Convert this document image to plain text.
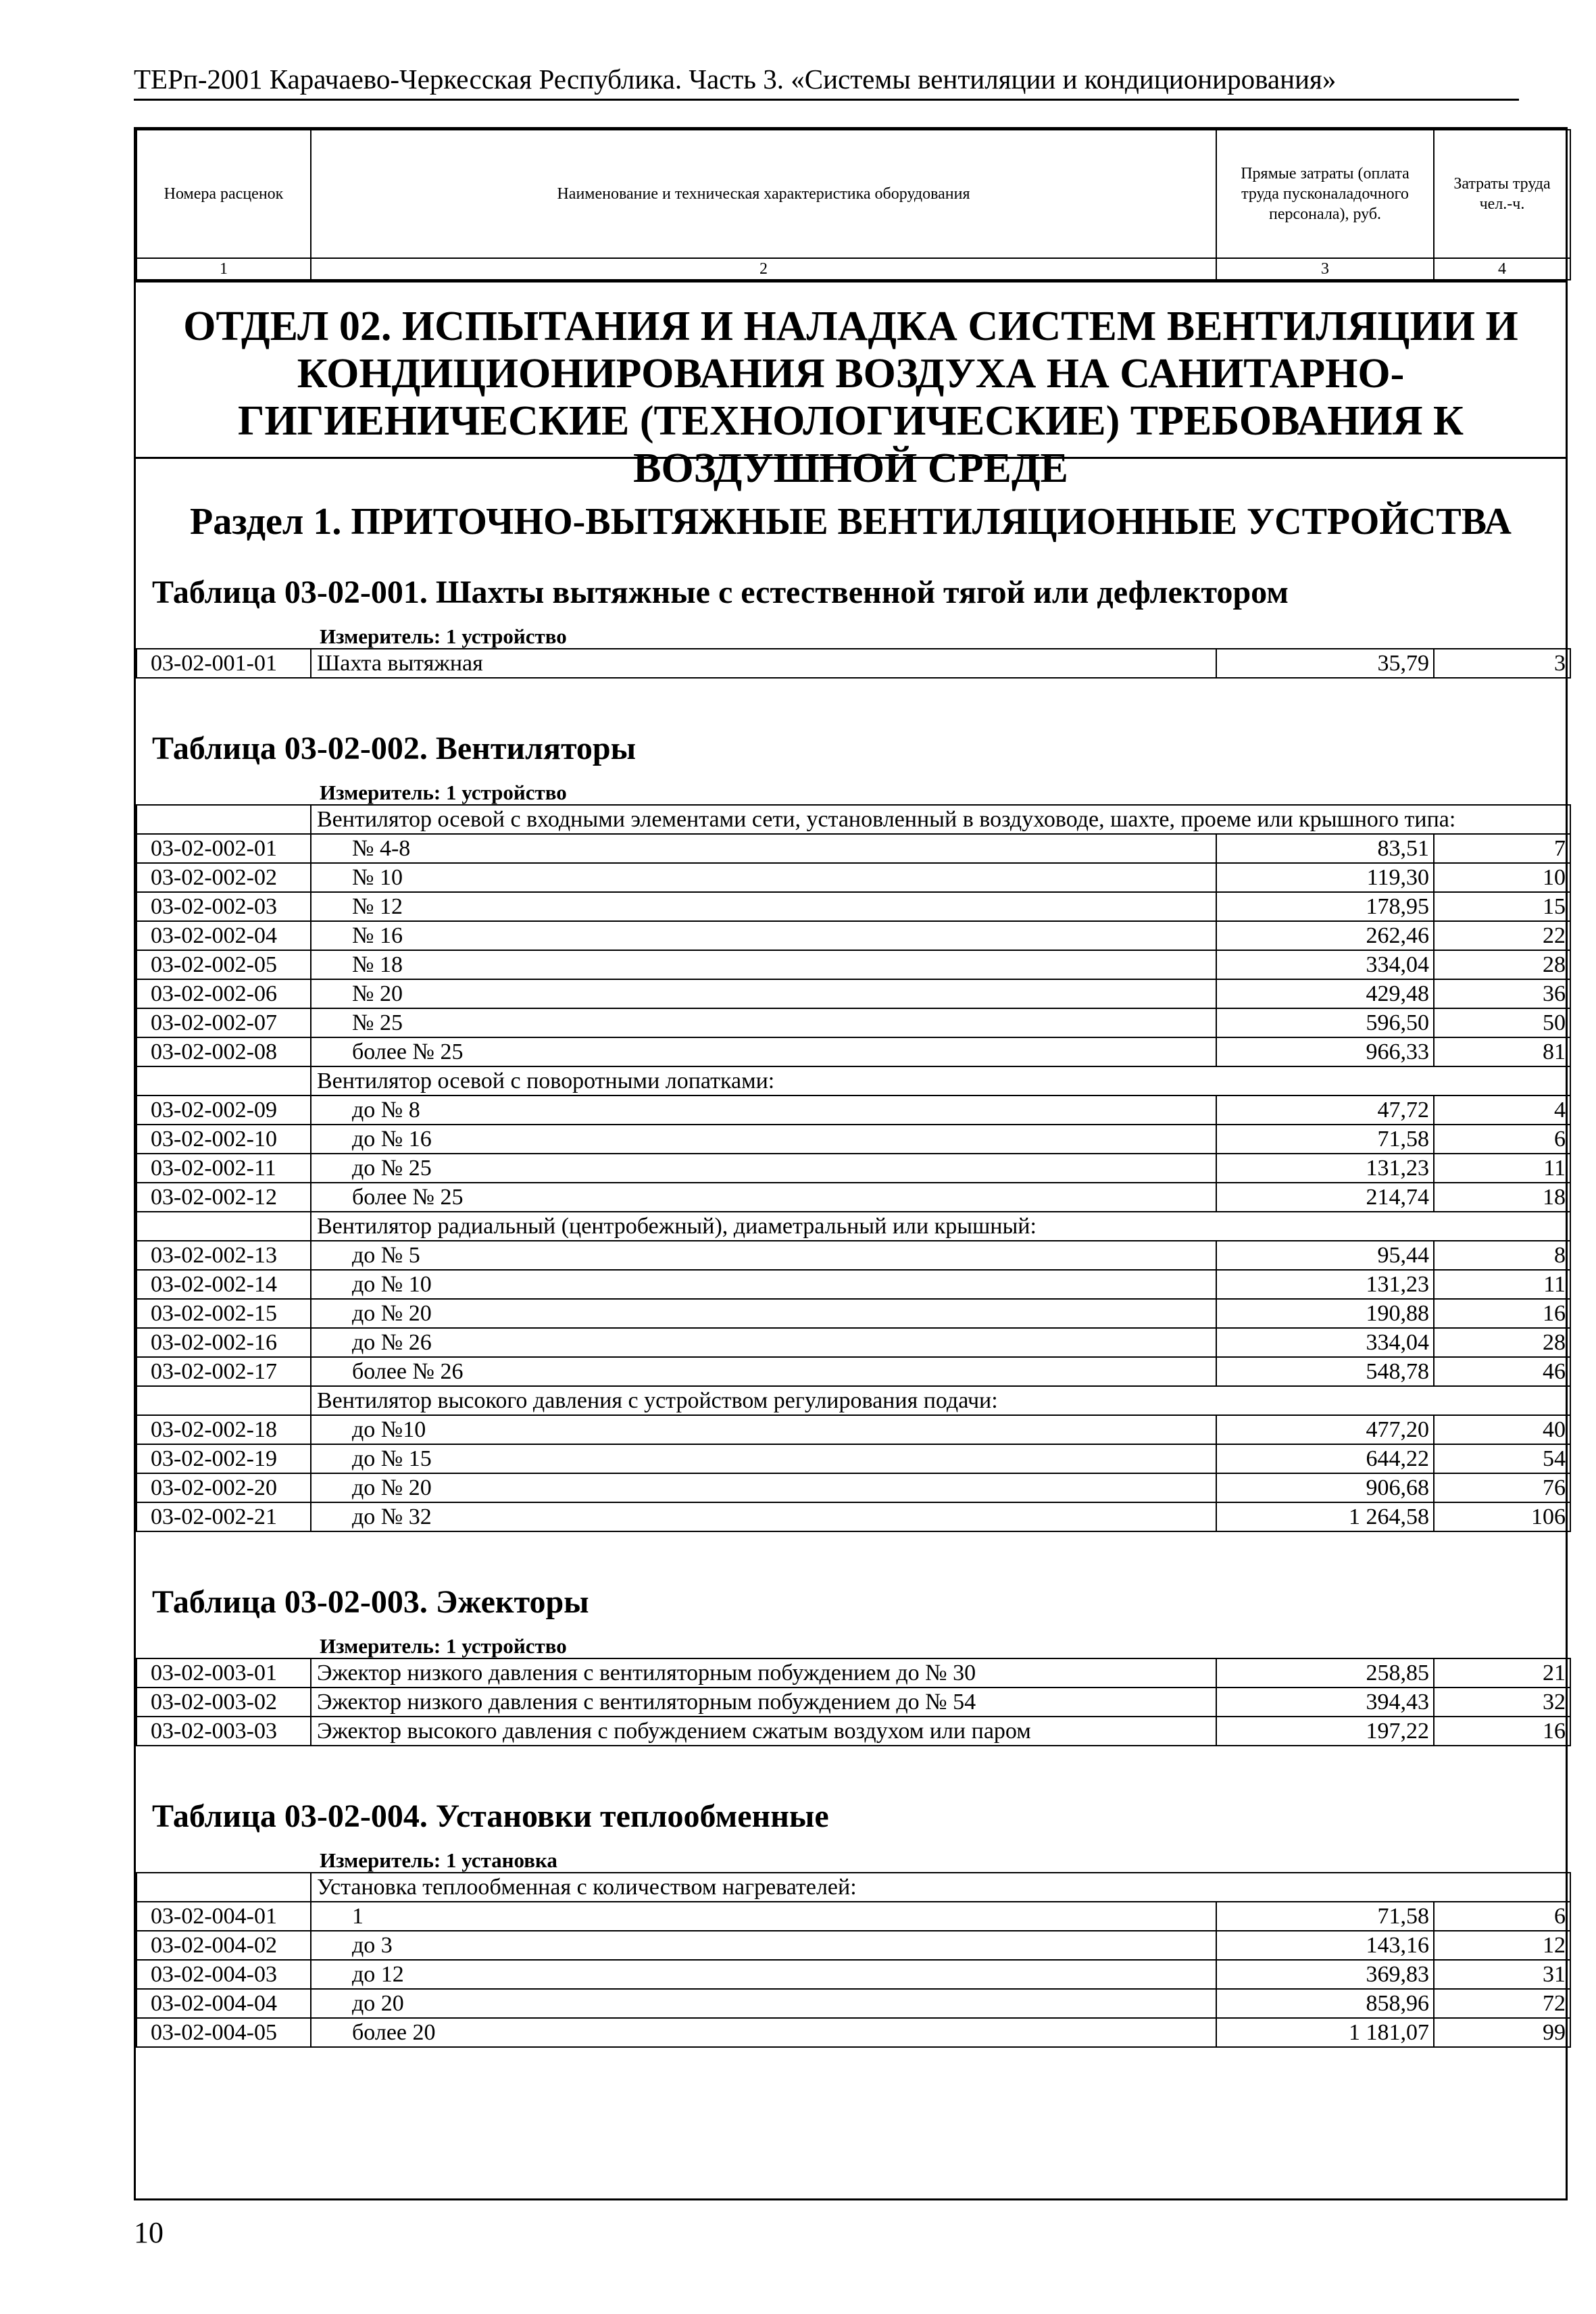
ТЕРп-2001 Карачаево-Черкесская Республика. Часть 3. «Системы вентиляции и кондиционирования»
Номера расценок	Наименование и техническая характеристика оборудования	Прямые затраты (оплата труда пусконаладочного персонала), руб.	Затраты труда чел.-ч.
1	2	3	4
ОТДЕЛ 02. ИСПЫТАНИЯ И НАЛАДКА СИСТЕМ ВЕНТИЛЯЦИИ И КОНДИЦИОНИРОВАНИЯ ВОЗДУХА НА САНИТАРНО-ГИГИЕНИЧЕСКИЕ (ТЕХНОЛОГИЧЕСКИЕ) ТРЕБОВАНИЯ К ВОЗДУШНОЙ СРЕДЕ
Раздел 1. ПРИТОЧНО-ВЫТЯЖНЫЕ ВЕНТИЛЯЦИОННЫЕ УСТРОЙСТВА
Таблица 03-02-001. Шахты вытяжные с естественной тягой или дефлектором
Измеритель: 1 устройство
03-02-001-01	Шахта вытяжная	35,79	3
Таблица 03-02-002. Вентиляторы
Измеритель: 1 устройство
	Вентилятор осевой с входными элементами сети, установленный в воздуховоде, шахте, проеме или крышного типа:		
03-02-002-01	№ 4-8	83,51	7
03-02-002-02	№ 10	119,30	10
03-02-002-03	№ 12	178,95	15
03-02-002-04	№ 16	262,46	22
03-02-002-05	№ 18	334,04	28
03-02-002-06	№ 20	429,48	36
03-02-002-07	№ 25	596,50	50
03-02-002-08	более № 25	966,33	81
	Вентилятор осевой с поворотными лопатками:		
03-02-002-09	до № 8	47,72	4
03-02-002-10	до № 16	71,58	6
03-02-002-11	до № 25	131,23	11
03-02-002-12	более № 25	214,74	18
	Вентилятор радиальный (центробежный), диаметральный или крышный:		
03-02-002-13	до № 5	95,44	8
03-02-002-14	до № 10	131,23	11
03-02-002-15	до № 20	190,88	16
03-02-002-16	до № 26	334,04	28
03-02-002-17	более № 26	548,78	46
	Вентилятор высокого давления с устройством регулирования подачи:		
03-02-002-18	до №10	477,20	40
03-02-002-19	до № 15	644,22	54
03-02-002-20	до № 20	906,68	76
03-02-002-21	до № 32	1 264,58	106
Таблица 03-02-003. Эжекторы
Измеритель: 1 устройство
03-02-003-01	Эжектор низкого давления с вентиляторным побуждением до № 30	258,85	21
03-02-003-02	Эжектор низкого давления с вентиляторным побуждением до № 54	394,43	32
03-02-003-03	Эжектор высокого давления с побуждением сжатым воздухом или паром	197,22	16
Таблица 03-02-004. Установки теплообменные
Измеритель: 1 установка
	Установка теплообменная с количеством нагревателей:		
03-02-004-01	1	71,58	6
03-02-004-02	до 3	143,16	12
03-02-004-03	до 12	369,83	31
03-02-004-04	до 20	858,96	72
03-02-004-05	более 20	1 181,07	99
10
